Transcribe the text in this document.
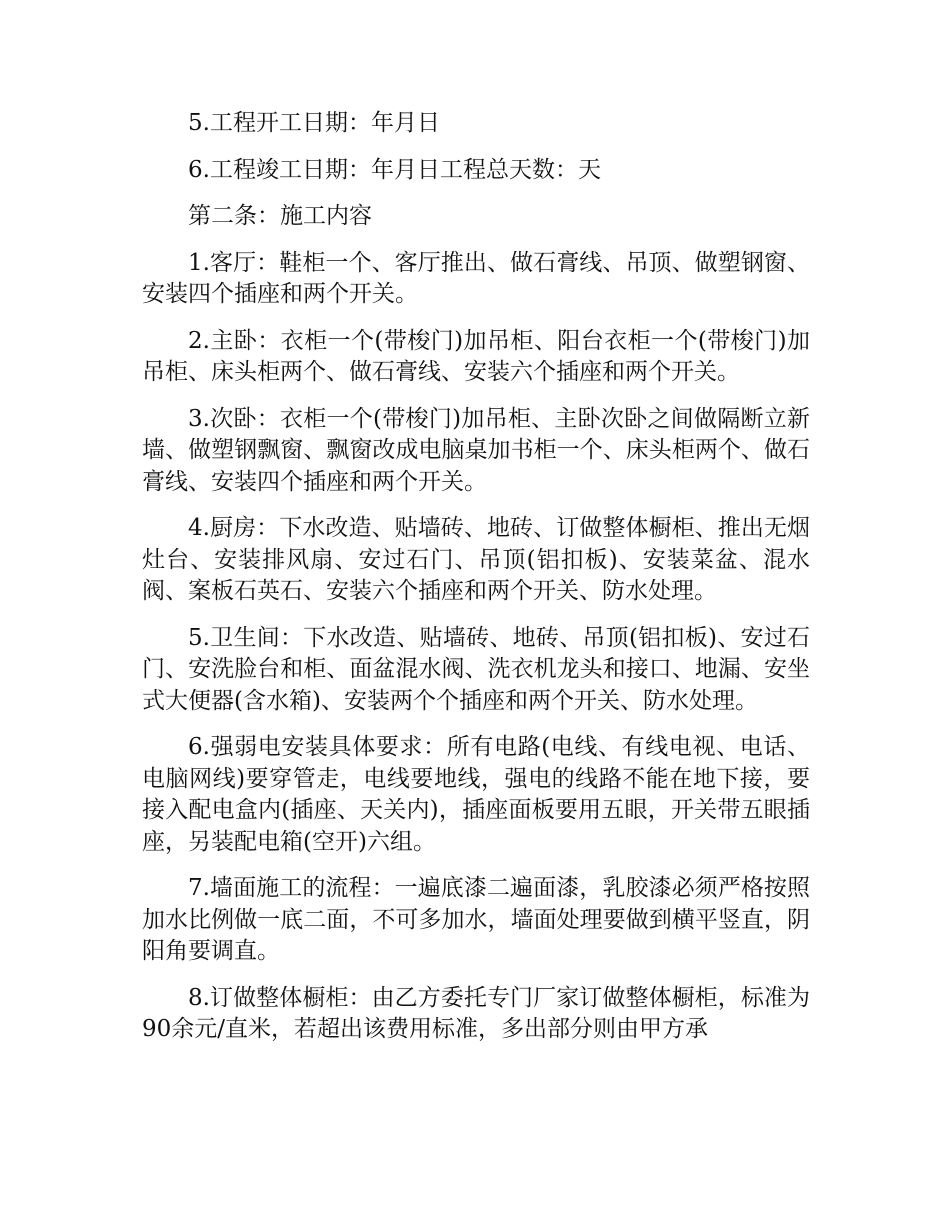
5.工程开工日期：年月日

6.工程竣工日期：年月日工程总天数：天

第二条：施工内容

1.客厅：鞋柜一个、客厅推出、做石膏线、吊顶、做塑钢窗、安装四个插座和两个开关。

2.主卧：衣柜一个(带梭门)加吊柜、阳台衣柜一个(带梭门)加吊柜、床头柜两个、做石膏线、安装六个插座和两个开关。

3.次卧：衣柜一个(带梭门)加吊柜、主卧次卧之间做隔断立新墙、做塑钢飘窗、飘窗改成电脑桌加书柜一个、床头柜两个、做石膏线、安装四个插座和两个开关。

4.厨房：下水改造、贴墙砖、地砖、订做整体橱柜、推出无烟灶台、安装排风扇、安过石门、吊顶(铝扣板)、安装菜盆、混水阀、案板石英石、安装六个插座和两个开关、防水处理。

5.卫生间：下水改造、贴墙砖、地砖、吊顶(铝扣板)、安过石门、安洗脸台和柜、面盆混水阀、洗衣机龙头和接口、地漏、安坐式大便器(含水箱)、安装两个个插座和两个开关、防水处理。

6.强弱电安装具体要求：所有电路(电线、有线电视、电话、电脑网线)要穿管走，电线要地线，强电的线路不能在地下接，要接入配电盒内(插座、天关内)，插座面板要用五眼，开关带五眼插座，另装配电箱(空开)六组。

7.墙面施工的流程：一遍底漆二遍面漆，乳胶漆必须严格按照加水比例做一底二面，不可多加水，墙面处理要做到横平竖直，阴阳角要调直。

8.订做整体橱柜：由乙方委托专门厂家订做整体橱柜，标准为90余元/直米，若超出该费用标准，多出部分则由甲方承
